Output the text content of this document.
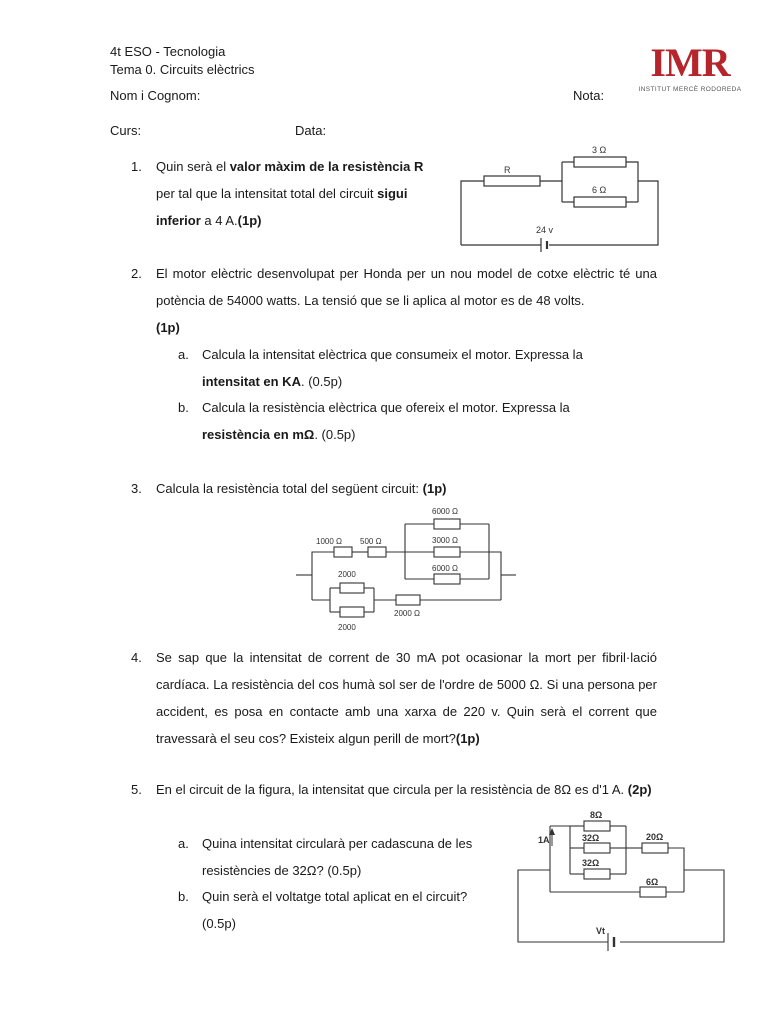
4t ESO - Tecnologia
Tema 0. Circuits elèctrics
Nom i Cognom:	Nota:
Curs:	Data:
IMR
INSTITUT MERCÈ RODOREDA
1. Quin serà el valor màxim de la resistència R
per tal que la intensitat total del circuit sigui
inferior a 4 A.(1p)
R
3 Ω
6 Ω
24 v
2. El motor elèctric desenvolupat per Honda per un nou model de cotxe elèctric té una potència de 54000 watts. La tensió que se li aplica al motor es de 48 volts.
(1p)
a. Calcula la intensitat elèctrica que consumeix el motor. Expressa la
intensitat en KA. (0.5p)
b. Calcula la resistència elèctrica que ofereix el motor. Expressa la
resistència en mΩ. (0.5p)
3. Calcula la resistència total del següent circuit: (1p)
1000 Ω 500 Ω
6000 Ω
3000 Ω
6000 Ω
2000
2000
2000 Ω
4. Se sap que la intensitat de corrent de 30 mA pot ocasionar la mort per fibril·lació cardíaca. La resistència del cos humà sol ser de l'ordre de 5000 Ω. Si una persona per accident, es posa en contacte amb una xarxa de 220 v. Quin serà el corrent que travessarà el seu cos? Existeix algun perill de mort?(1p)
5. En el circuit de la figura, la intensitat que circula per la resistència de 8Ω es d'1 A. (2p)
a. Quina intensitat circularà per cadascuna de les resistències de 32Ω? (0.5p)
b. Quin serà el voltatge total aplicat en el circuit? (0.5p)
8Ω
32Ω
32Ω
20Ω
6Ω
1A
Vt
